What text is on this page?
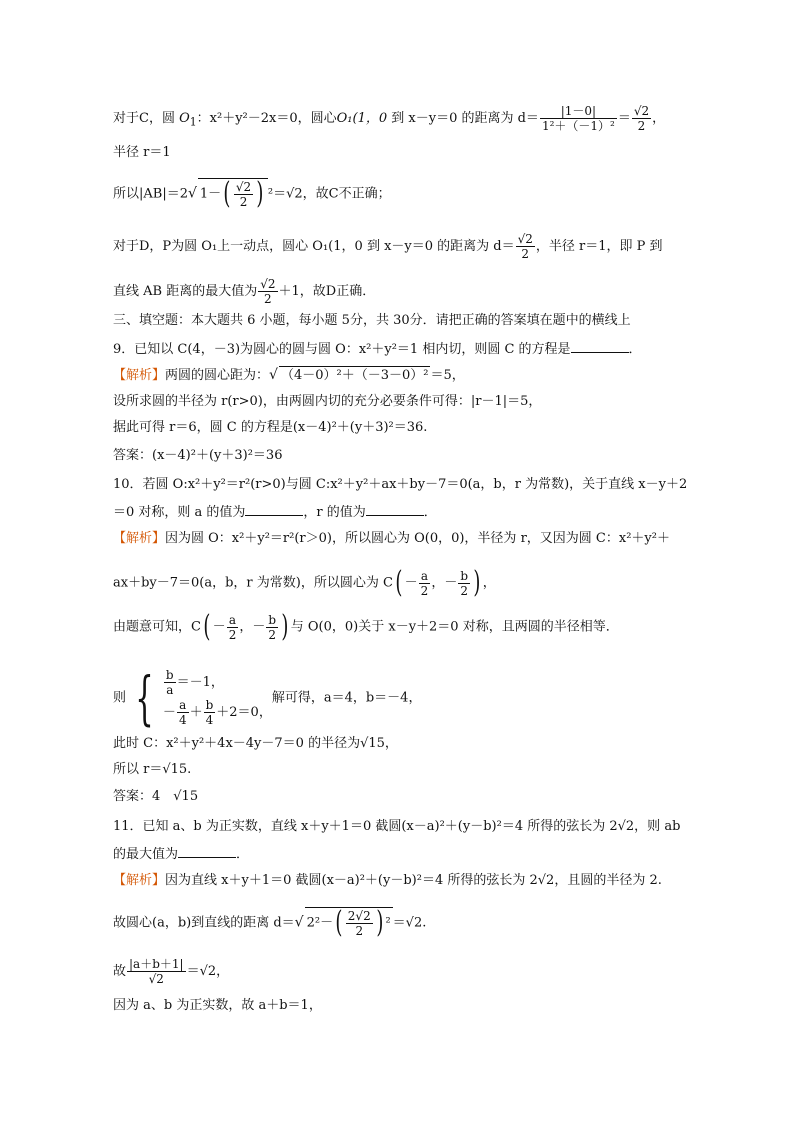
对于C，圆 $O_1$：x²＋y²－2x＝0，圆心O₁(1，0 到 x－y＝0 的距离为 $d= \frac{|1-0|}{\text{1²＋（－1）²}} = \frac{√2}{2}$ ，
半径 r＝1
所以|AB|＝2√ $1-( \frac{√2}{2}$ ) ²＝√2，故C不正确；
对于D，P为圆 O₁上一动点，圆心 O₁(1，0 到 x－y＝0 的距离为 $d= \frac{√2}{2}$ ，半径 r＝1，即 P 到
直线 AB 距离的最大值为 $\frac{√2}{2} +1$，故D正确．
三、填空题：本大题共 6 小题，每小题 5分，共 30分．请把正确的答案填在题中的横线上
9．已知以 C(4，－3)为圆心的圆与圆 O：x²＋y²＝1 相内切，则圆 C 的方程是	．
【解析】两圆的圆心距为：√ （4－0）²＋（－3－0）² ＝5，
设所求圆的半径为 r(r>0)，由两圆内切的充分必要条件可得：|r－1|＝5，
据此可得 r＝6，圆 C 的方程是(x－4)²＋(y＋3)²＝36.
答案：(x－4)²＋(y＋3)²＝36
10．若圆 O:x²＋y²＝r²(r>0)与圆 C:x²＋y²＋ax＋by－7＝0(a，b，r 为常数)，关于直线 x－y＋2
＝0 对称，则 a 的值为	，r 的值为	．
【解析】因为圆 O：x²＋y²＝r²(r＞0)，所以圆心为 O(0，0)，半径为 r，又因为圆 C：x²＋y²＋
ax＋by－7＝0(a，b，r 为常数)，所以圆心为 $C( - \frac{a}{2}$ ，－ $\frac{b}{2}$ ) ，
由题意可知，$C( - \frac{a}{2}$ ，－ $\frac{b}{2}$ ) 与 O(0，0)关于 x－y＋2＝0 对称，且两圆的半径相等．
则 { $\frac{b}{a} =-1$，
－ $\frac{a}{4} + \frac{b}{4} +2=0$，
解可得，a＝4，b＝－4，
此时 C：x²＋y²＋4x－4y－7＝0 的半径为√15，
所以 r＝√15.
答案：4　√15
11．已知 a、b 为正实数，直线 x＋y＋1＝0 截圆(x－a)²＋(y－b)²＝4 所得的弦长为 2√2，则 ab
的最大值为	．
【解析】因为直线 x＋y＋1＝0 截圆(x－a)²＋(y－b)²＝4 所得的弦长为 2√2，且圆的半径为 2.
故圆心(a，b)到直线的距离 d＝√ $2^2-( \frac{2√2}{2}$ ) ² ＝√2.
故 $\frac{|a+b+1|}{√2} =√2$，
因为 a、b 为正实数，故 a＋b＝1，
